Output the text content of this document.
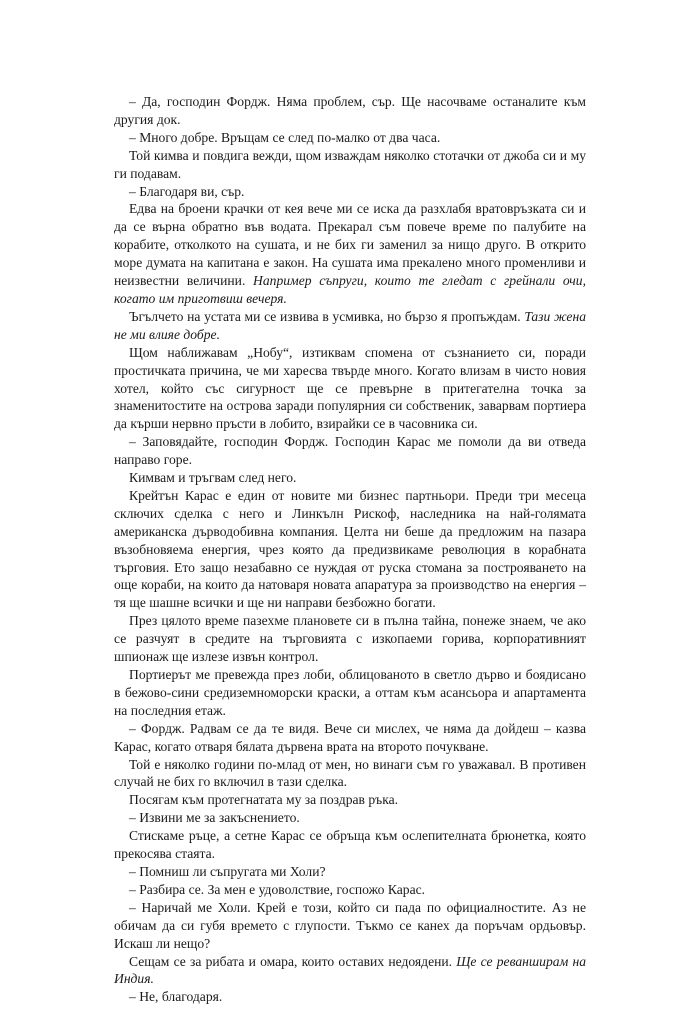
– Да, господин Фордж. Няма проблем, сър. Ще насочваме останалите към другия док.

– Много добре. Връщам се след по-малко от два часа.

Той кимва и повдига вежди, щом изваждам няколко стотачки от джоба си и му ги подавам.

– Благодаря ви, сър.

Едва на броени крачки от кея вече ми се иска да разхлабя вратовръзката си и да се върна обратно във водата. Прекарал съм повече време по палубите на корабите, отколкото на сушата, и не бих ги заменил за нищо друго. В открито море думата на капитана е закон. На сушата има прекалено много променливи и неизвестни величини. Например съпруги, които те гледат с грейнали очи, когато им приготвиш вечеря.

Ъгълчето на устата ми се извива в усмивка, но бързо я пропъждам. Тази жена не ми влияе добре.

Щом наближавам „Нобу“, изтиквам спомена от съзнанието си, поради простичката причина, че ми харесва твърде много. Когато влизам в чисто новия хотел, който със сигурност ще се превърне в притегателна точка за знаменитостите на острова заради популярния си собственик, заварвам портиера да кърши нервно пръсти в лобито, взирайки се в часовника си.

– Заповядайте, господин Фордж. Господин Карас ме помоли да ви отведа направо горе.

Кимвам и тръгвам след него.

Крейтън Карас е един от новите ми бизнес партньори. Преди три месеца сключих сделка с него и Линкълн Рискоф, наследника на най-голямата американска дърводобивна компания. Целта ни беше да предложим на пазара възобновяема енергия, чрез която да предизвикаме революция в корабната търговия. Ето защо незабавно се нуждая от руска стомана за построяването на още кораби, на които да натоваря новата апаратура за производство на енергия – тя ще шашне всички и ще ни направи безбожно богати.

През цялото време пазехме плановете си в пълна тайна, понеже знаем, че ако се разчуят в средите на търговията с изкопаеми горива, корпоративният шпионаж ще излезе извън контрол.

Портиерът ме превежда през лоби, облицованото в светло дърво и боядисано в бежово-сини средиземноморски краски, а оттам към асансьора и апартамента на последния етаж.

– Фордж. Радвам се да те видя. Вече си мислех, че няма да дойдеш – казва Карас, когато отваря бялата дървена врата на второто почукване.

Той е няколко години по-млад от мен, но винаги съм го уважавал. В противен случай не бих го включил в тази сделка.

Посягам към протегнатата му за поздрав ръка.

– Извини ме за закъснението.

Стискаме ръце, а сетне Карас се обръща към ослепителната брюнетка, която прекосява стаята.

– Помниш ли съпругата ми Холи?

– Разбира се. За мен е удоволствие, госпожо Карас.

– Наричай ме Холи. Крей е този, който си пада по официалностите. Аз не обичам да си губя времето с глупости. Тъкмо се канех да поръчам ордьовър. Искаш ли нещо?

Сещам се за рибата и омара, които оставих недоядени. Ще се реванширам на Индия.

– Не, благодаря.
